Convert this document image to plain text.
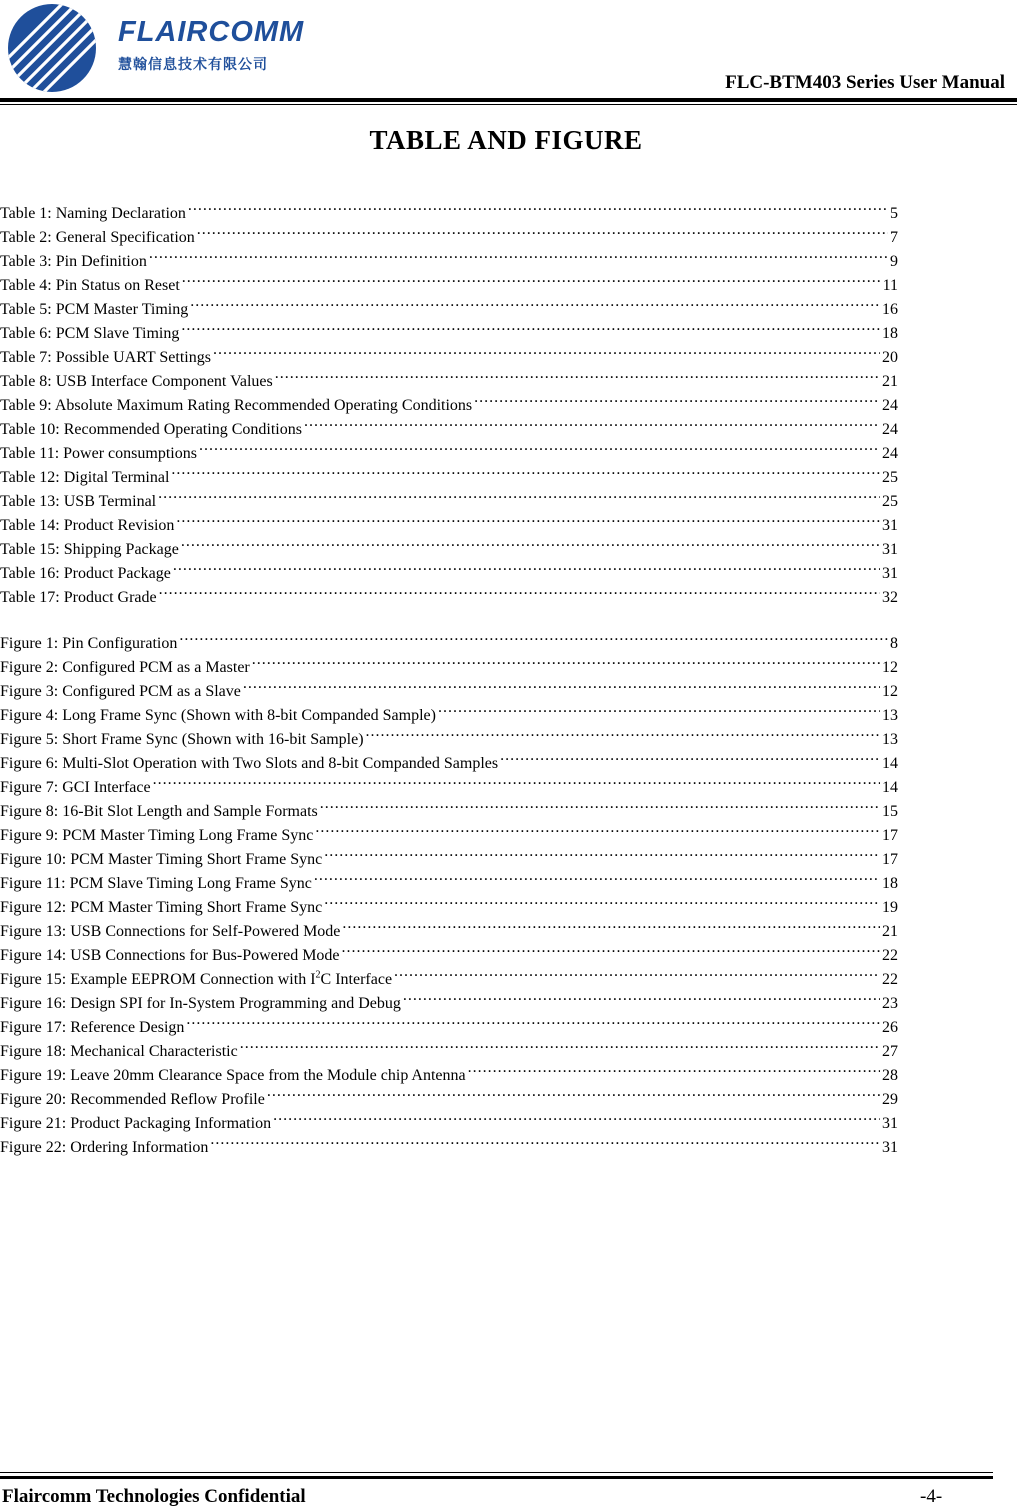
FLAIRCOMM
慧翰信息技术有限公司
FLC-BTM403 Series User Manual
TABLE AND FIGURE
Table 1: Naming Declaration .....	5
Table 2: General Specification .....	7
Table 3: Pin Definition .....	9
Table 4: Pin Status on Reset .....	11
Table 5: PCM Master Timing .....	16
Table 6: PCM Slave Timing .....	18
Table 7: Possible UART Settings .....	20
Table 8: USB Interface Component Values .....	21
Table 9: Absolute Maximum Rating Recommended Operating Conditions .....	24
Table 10: Recommended Operating Conditions .....	24
Table 11: Power consumptions .....	24
Table 12: Digital Terminal .....	25
Table 13: USB Terminal .....	25
Table 14: Product Revision .....	31
Table 15: Shipping Package .....	31
Table 16: Product Package .....	31
Table 17: Product Grade .....	32
Figure 1: Pin Configuration .....	8
Figure 2: Configured PCM as a Master .....	12
Figure 3: Configured PCM as a Slave .....	12
Figure 4: Long Frame Sync (Shown with 8-bit Companded Sample) .....	13
Figure 5: Short Frame Sync (Shown with 16-bit Sample) .....	13
Figure 6: Multi-Slot Operation with Two Slots and 8-bit Companded Samples .....	14
Figure 7: GCI Interface .....	14
Figure 8: 16-Bit Slot Length and Sample Formats .....	15
Figure 9: PCM Master Timing Long Frame Sync .....	17
Figure 10: PCM Master Timing Short Frame Sync .....	17
Figure 11: PCM Slave Timing Long Frame Sync .....	18
Figure 12: PCM Master Timing Short Frame Sync .....	19
Figure 13: USB Connections for Self-Powered Mode .....	21
Figure 14: USB Connections for Bus-Powered Mode .....	22
Figure 15: Example EEPROM Connection with $I^2C$ Interface .....	22
Figure 16: Design SPI for In-System Programming and Debug .....	23
Figure 17: Reference Design .....	26
Figure 18: Mechanical Characteristic .....	27
Figure 19: Leave 20mm Clearance Space from the Module chip Antenna .....	28
Figure 20: Recommended Reflow Profile .....	29
Figure 21: Product Packaging Information .....	31
Figure 22: Ordering Information .....	31
Flaircomm Technologies Confidential	-4-
